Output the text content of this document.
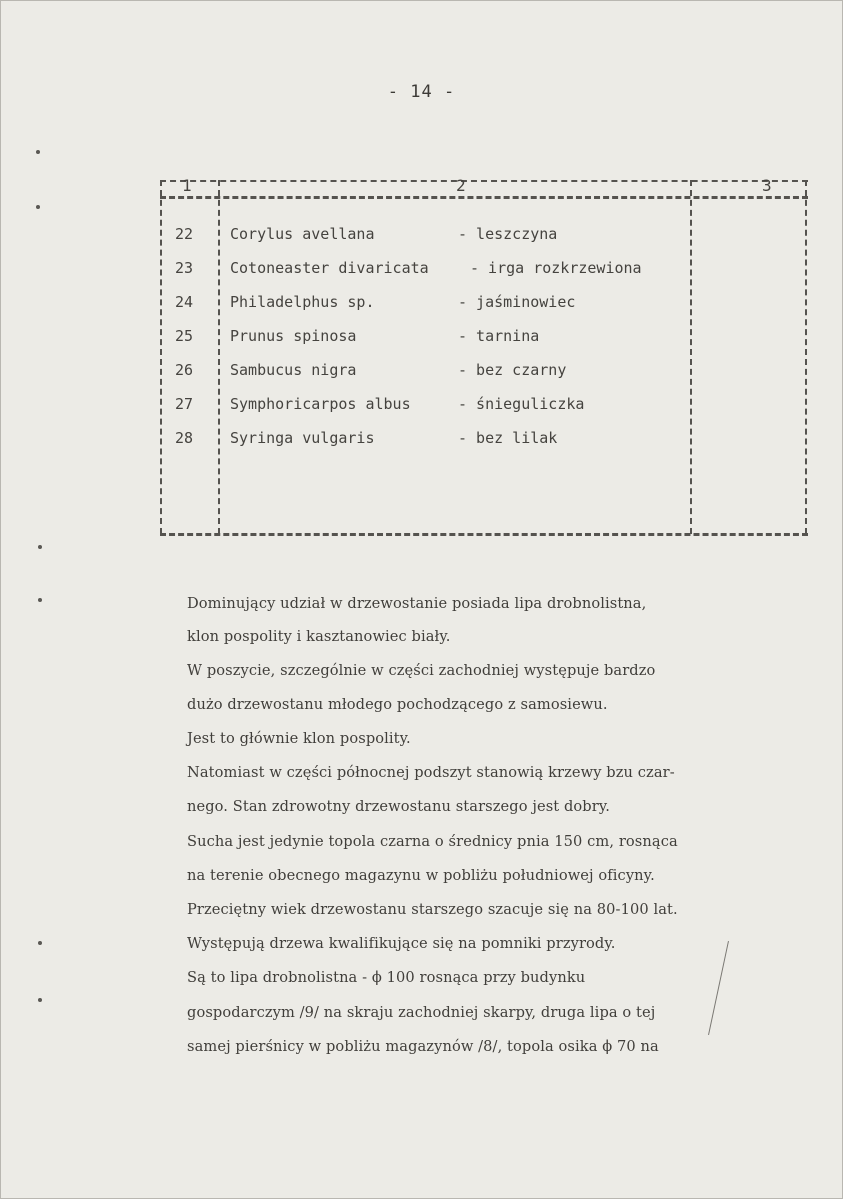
- 14 -
1	2	3
22	Corylus avellana	- leszczyna
23	Cotoneaster divaricata	- irga rozkrzewiona
24	Philadelphus sp.	- jaśminowiec
25	Prunus spinosa	- tarnina
26	Sambucus nigra	- bez czarny
27	Symphoricarpos albus	- śnieguliczka
28	Syringa vulgaris	- bez lilak
Dominujący udział w drzewostanie posiada lipa drobnolistna,
klon pospolity i kasztanowiec biały.
W poszycie, szczególnie w części zachodniej występuje bardzo
dużo drzewostanu młodego pochodzącego z samosiewu.
Jest to głównie klon pospolity.
Natomiast w części północnej podszyt stanowią krzewy bzu czar-
nego. Stan zdrowotny drzewostanu starszego jest dobry.
Sucha jest jedynie topola czarna o średnicy pnia 150 cm, rosnąca
na terenie obecnego magazynu w pobliżu południowej oficyny.
Przeciętny wiek drzewostanu starszego szacuje się na 80-100 lat.
Występują drzewa kwalifikujące się na pomniki przyrody.
Są to lipa drobnolistna - ϕ 100 rosnąca przy budynku
gospodarczym /9/ na skraju zachodniej skarpy, druga lipa o tej
samej pierśnicy w pobliżu magazynów /8/, topola osika ϕ 70 na
